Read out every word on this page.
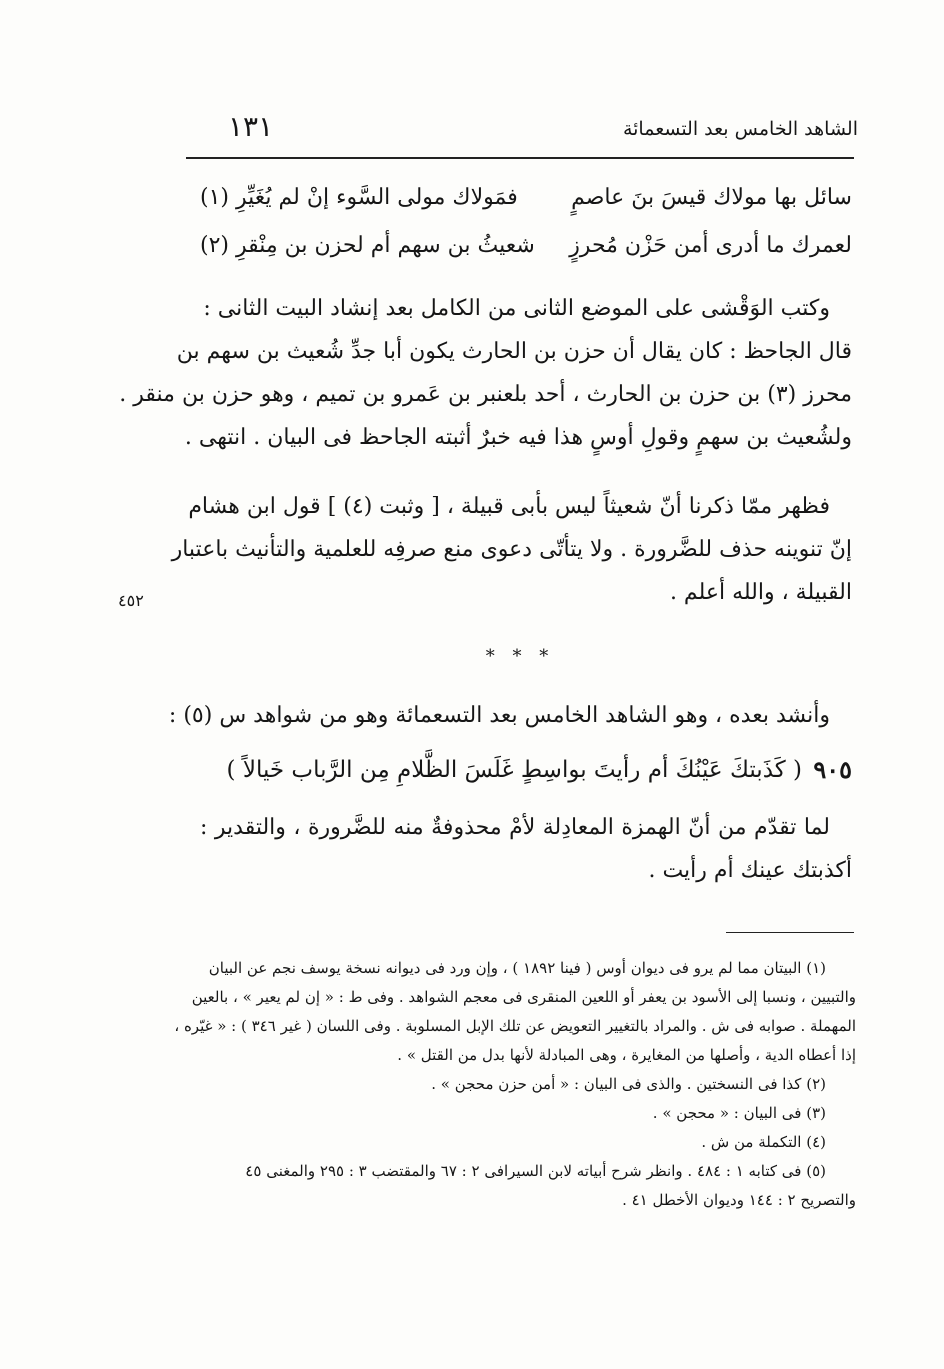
الشاهد الخامس بعد التسعمائة
١٣١
سائل بها مولاك قيسَ بنَ عاصمٍ
فمَولاك مولى السَّوء إنْ لم يُغَيِّرِ (١)
لعمرك ما أدرى أمن حَزْن مُحرزٍ
شعيثُ بن سهم أم لحزن بن مِنْقرِ (٢)
وكتب الوَقْشى على الموضع الثانى من الكامل بعد إنشاد البيت الثانى :
قال الجاحظ : كان يقال أن حزن بن الحارث يكون أبا جدِّ شُعيث بن سهم بن
محرز (٣) بن حزن بن الحارث ، أحد بلعنبر بن عَمرو بن تميم ، وهو حزن بن منقر .
ولشُعيث بن سهمٍ وقولِ أوسٍ هذا فيه خبرٌ أثبته الجاحظ فى البيان . انتهى .
فظهر ممّا ذكرنا أنّ شعيثاً ليس بأبى قبيلة ، [ وثبت (٤) ] قول ابن هشام
إنّ تنوينه حذف للضَّرورة . ولا يتأتّى دعوى منع صرفِه للعلمية والتأنيث باعتبار
القبيلة ، والله أعلم .
٤٥٢
* * *
وأنشد بعده ، وهو الشاهد الخامس بعد التسعمائة وهو من شواهد س (٥) :
٩٠٥
( كَذَبتكَ عَيْنُكَ أم رأيتَ بواسِطٍ غَلَسَ الظَّلامِ مِن الرَّباب خَيالاً )
لما تقدّم من أنّ الهمزة المعادِلة لأمْ محذوفةٌ منه للضَّرورة ، والتقدير :
أكذبتك عينك أم رأيت .
(١) البيتان مما لم يرو فى ديوان أوس ( فينا ١٨٩٢ ) ، وإن ورد فى ديوانه نسخة يوسف نجم عن البيان
والتبيين ، ونسبا إلى الأسود بن يعفر أو اللعين المنقرى فى معجم الشواهد . وفى ط : « إن لم يعير » ، بالعين
المهملة . صوابه فى ش . والمراد بالتغيير التعويض عن تلك الإبل المسلوبة . وفى اللسان ( غير ٣٤٦ ) : « غيّره ،
إذا أعطاه الدية ، وأصلها من المغايرة ، وهى المبادلة لأنها بدل من القتل » .
(٢) كذا فى النسختين . والذى فى البيان : « أمن حزن محجن » .
(٣) فى البيان : « محجن » .
(٤) التكملة من ش .
(٥) فى كتابه ١ : ٤٨٤ . وانظر شرح أبياته لابن السيرافى ٢ : ٦٧ والمقتضب ٣ : ٢٩٥ والمغنى ٤٥
والتصريح ٢ : ١٤٤ وديوان الأخطل ٤١ .
